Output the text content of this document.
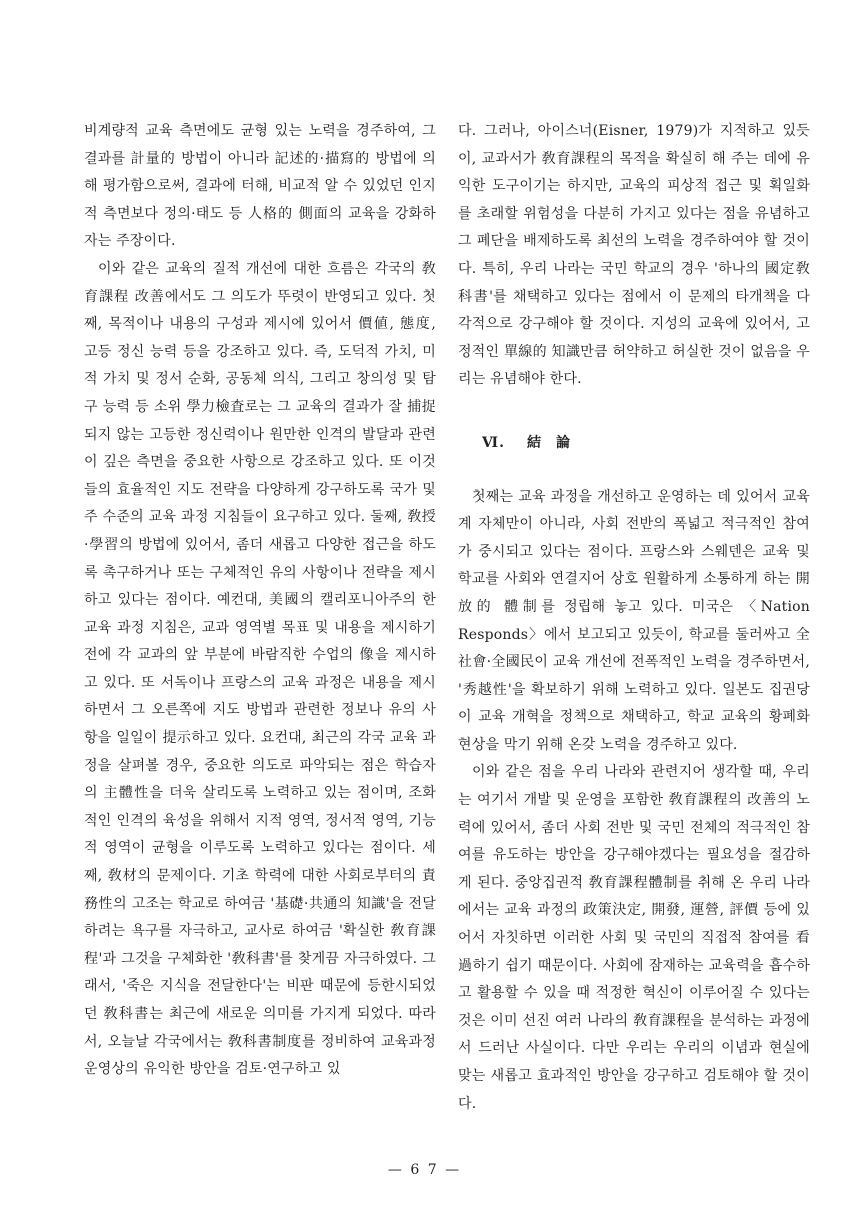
비계량적 교육 측면에도 균형 있는 노력을 경주하여, 그 결과를 計量的 방법이 아니라 記述的·描寫的 방법에 의해 평가함으로써, 결과에 터해, 비교적 알 수 있었던 인지적 측면보다 정의·태도 등 人格的 側面의 교육을 강화하자는 주장이다.

이와 같은 교육의 질적 개선에 대한 흐름은 각국의 敎育課程 改善에서도 그 의도가 뚜렷이 반영되고 있다. 첫째, 목적이나 내용의 구성과 제시에 있어서 價値, 態度, 고등 정신 능력 등을 강조하고 있다. 즉, 도덕적 가치, 미적 가치 및 정서 순화, 공동체 의식, 그리고 창의성 및 탐구 능력 등 소위 學力檢査로는 그 교육의 결과가 잘 捕捉되지 않는 고등한 정신력이나 원만한 인격의 발달과 관련이 깊은 측면을 중요한 사항으로 강조하고 있다. 또 이것들의 효율적인 지도 전략을 다양하게 강구하도록 국가 및 주 수준의 교육 과정 지침들이 요구하고 있다. 둘째, 敎授·學習의 방법에 있어서, 좀더 새롭고 다양한 접근을 하도록 촉구하거나 또는 구체적인 유의 사항이나 전략을 제시하고 있다는 점이다. 예컨대, 美國의 캘리포니아주의 한 교육 과정 지침은, 교과 영역별 목표 및 내용을 제시하기 전에 각 교과의 앞 부분에 바람직한 수업의 像을 제시하고 있다. 또 서독이나 프랑스의 교육 과정은 내용을 제시하면서 그 오른쪽에 지도 방법과 관련한 정보나 유의 사항을 일일이 提示하고 있다. 요컨대, 최근의 각국 교육 과정을 살펴볼 경우, 중요한 의도로 파악되는 점은 학습자의 主體性을 더욱 살리도록 노력하고 있는 점이며, 조화적인 인격의 육성을 위해서 지적 영역, 정서적 영역, 기능적 영역이 균형을 이루도록 노력하고 있다는 점이다. 세째, 敎材의 문제이다. 기초 학력에 대한 사회로부터의 責務性의 고조는 학교로 하여금 '基礎·共通의 知識'을 전달하려는 욕구를 자극하고, 교사로 하여금 '확실한 敎育課程'과 그것을 구체화한 '敎科書'를 찾게끔 자극하였다. 그래서, '죽은 지식을 전달한다'는 비판 때문에 등한시되었던 敎科書는 최근에 새로운 의미를 가지게 되었다. 따라서, 오늘날 각국에서는 敎科書制度를 정비하여 교육과정 운영상의 유익한 방안을 검토·연구하고 있

다. 그러나, 아이스너(Eisner, 1979)가 지적하고 있듯이, 교과서가 敎育課程의 목적을 확실히 해 주는 데에 유익한 도구이기는 하지만, 교육의 피상적 접근 및 획일화를 초래할 위험성을 다분히 가지고 있다는 점을 유념하고 그 폐단을 배제하도록 최선의 노력을 경주하여야 할 것이다. 특히, 우리 나라는 국민 학교의 경우 '하나의 國定敎科書'를 채택하고 있다는 점에서 이 문제의 타개책을 다각적으로 강구해야 할 것이다. 지성의 교육에 있어서, 고정적인 單線的 知識만큼 허약하고 허실한 것이 없음을 우리는 유념해야 한다.

Ⅵ. 結 論

첫째는 교육 과정을 개선하고 운영하는 데 있어서 교육계 자체만이 아니라, 사회 전반의 폭넓고 적극적인 참여가 중시되고 있다는 점이다. 프랑스와 스웨덴은 교육 및 학교를 사회와 연결지어 상호 원활하게 소통하게 하는 開放的 體制를 정립해 놓고 있다. 미국은 〈Nation Responds〉에서 보고되고 있듯이, 학교를 둘러싸고 全社會·全國民이 교육 개선에 전폭적인 노력을 경주하면서, '秀越性'을 확보하기 위해 노력하고 있다. 일본도 집권당이 교육 개혁을 정책으로 채택하고, 학교 교육의 황폐화 현상을 막기 위해 온갖 노력을 경주하고 있다.

이와 같은 점을 우리 나라와 관련지어 생각할 때, 우리는 여기서 개발 및 운영을 포함한 敎育課程의 改善의 노력에 있어서, 좀더 사회 전반 및 국민 전체의 적극적인 참여를 유도하는 방안을 강구해야겠다는 필요성을 절감하게 된다. 중앙집권적 敎育課程體制를 취해 온 우리 나라에서는 교육 과정의 政策決定, 開發, 運營, 評價 등에 있어서 자칫하면 이러한 사회 및 국민의 직접적 참여를 看過하기 쉽기 때문이다. 사회에 잠재하는 교육력을 흡수하고 활용할 수 있을 때 적정한 혁신이 이루어질 수 있다는 것은 이미 선진 여러 나라의 敎育課程을 분석하는 과정에서 드러난 사실이다. 다만 우리는 우리의 이념과 현실에 맞는 새롭고 효과적인 방안을 강구하고 검토해야 할 것이다.

— 6 7 —
